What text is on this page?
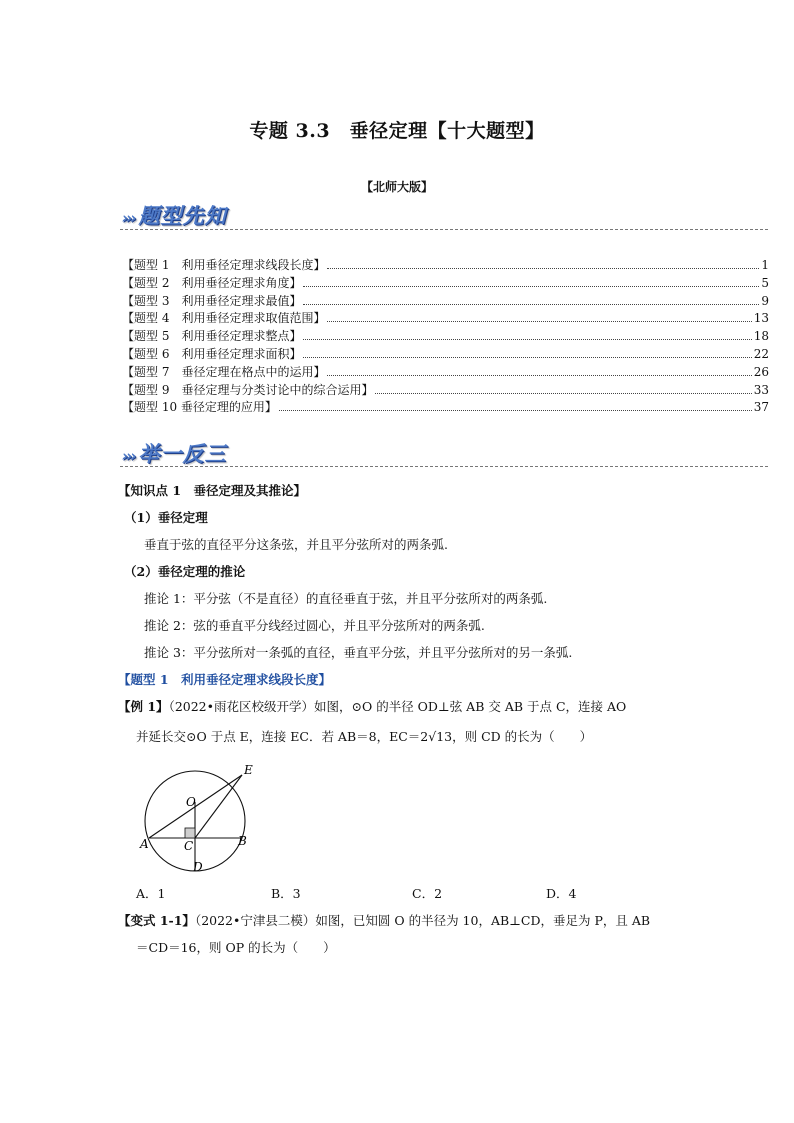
专题 3.3　垂径定理【十大题型】
【北师大版】
››› 题型先知
【题型 1　利用垂径定理求线段长度】	1
【题型 2　利用垂径定理求角度】	5
【题型 3　利用垂径定理求最值】	9
【题型 4　利用垂径定理求取值范围】	13
【题型 5　利用垂径定理求整点】	18
【题型 6　利用垂径定理求面积】	22
【题型 7　垂径定理在格点中的运用】	26
【题型 9　垂径定理与分类讨论中的综合运用】	33
【题型 10 垂径定理的应用】	37
››› 举一反三
【知识点 1　垂径定理及其推论】
（1）垂径定理
垂直于弦的直径平分这条弦，并且平分弦所对的两条弧.
（2）垂径定理的推论
推论 1：平分弦（不是直径）的直径垂直于弦，并且平分弦所对的两条弧.
推论 2：弦的垂直平分线经过圆心，并且平分弦所对的两条弧.
推论 3：平分弦所对一条弧的直径，垂直平分弦，并且平分弦所对的另一条弧.
【题型 1　利用垂径定理求线段长度】
【例 1】（2022•雨花区校级开学）如图，⊙O 的半径 OD⊥弦 AB 交 AB 于点 C，连接 AO
并延长交⊙O 于点 E，连接 EC．若 AB＝8，EC＝2√13，则 CD 的长为（　　）
E
O
A	C	B
D
A．1	B．3	C．2	D．4
【变式 1-1】（2022•宁津县二模）如图，已知圆 O 的半径为 10，AB⊥CD，垂足为 P，且 AB
＝CD＝16，则 OP 的长为（　　）
